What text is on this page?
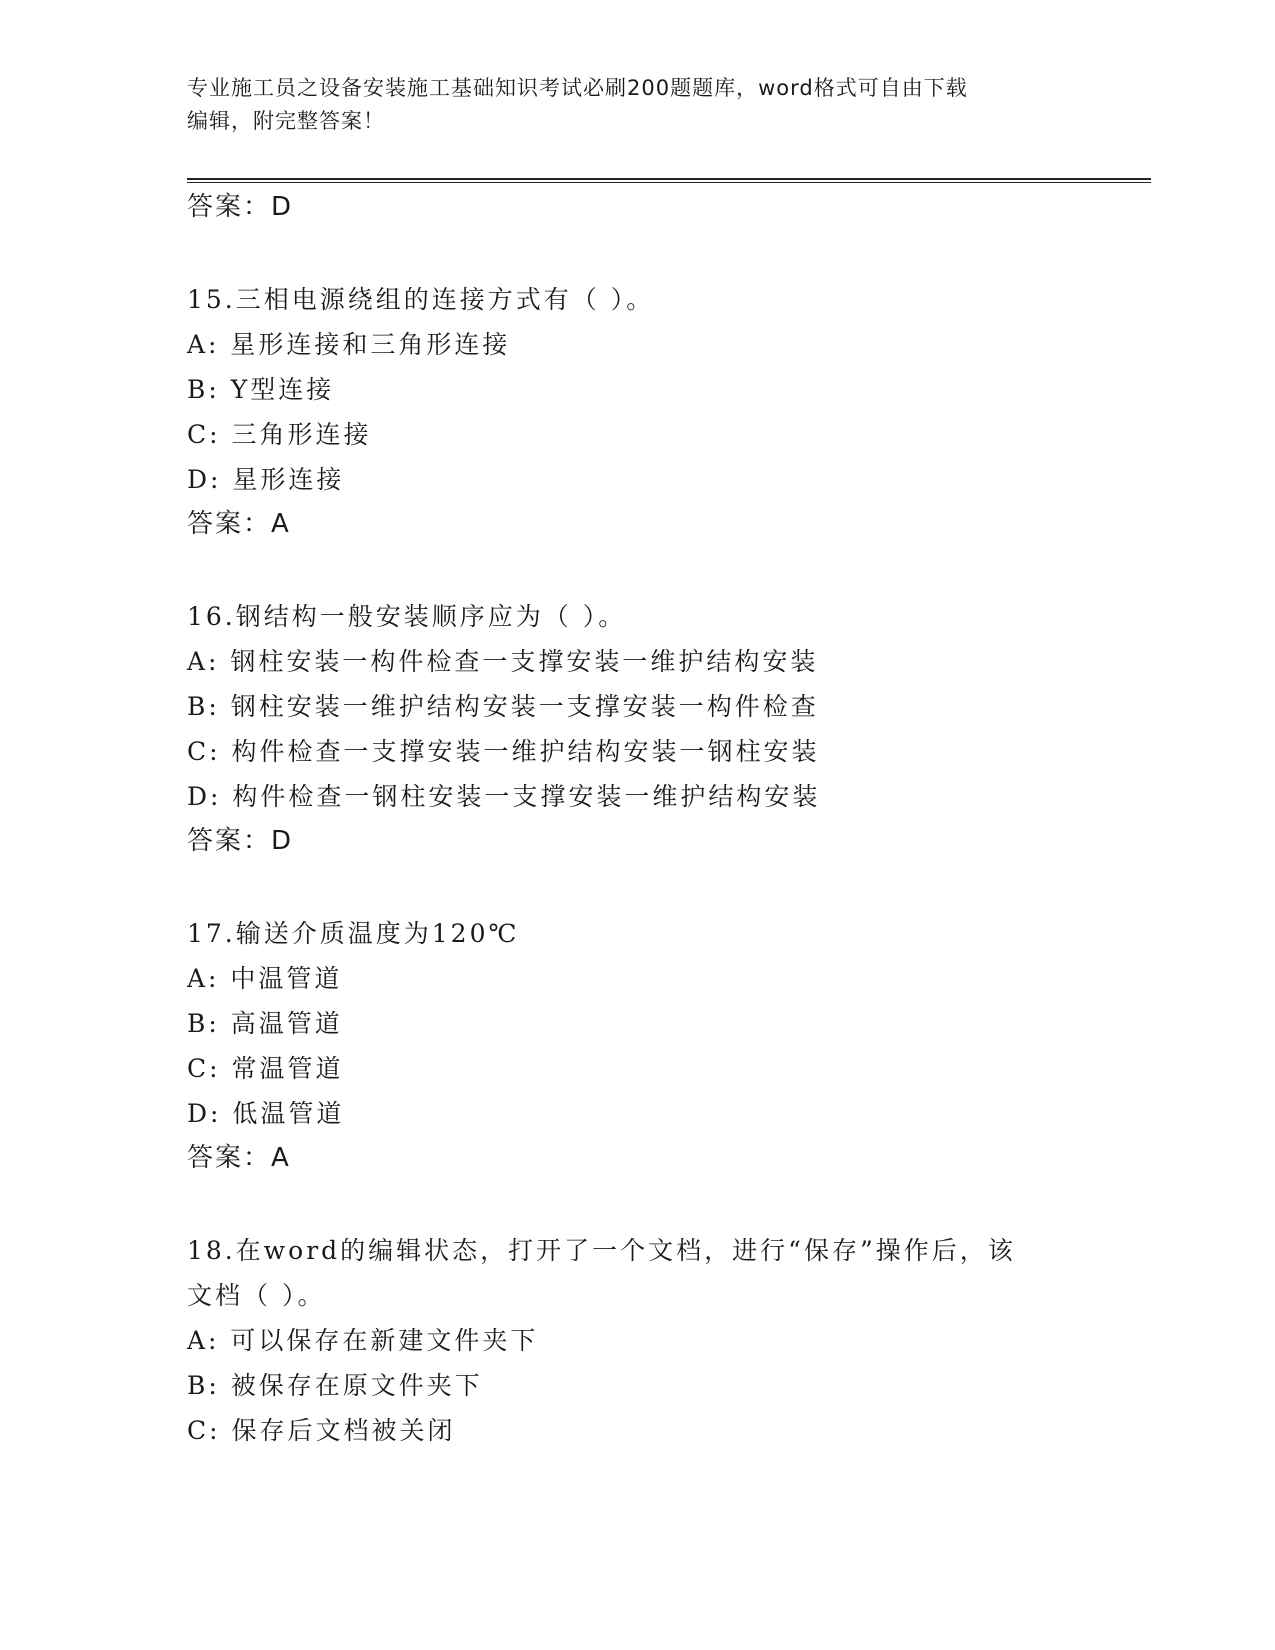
专业施工员之设备安装施工基础知识考试必刷200题题库，word格式可自由下载
编辑，附完整答案！
答案：D
15.三相电源绕组的连接方式有（ ）。
A: 星形连接和三角形连接
B: Y型连接
C: 三角形连接
D: 星形连接
答案：A
16.钢结构一般安装顺序应为（ ）。
A: 钢柱安装一构件检查一支撑安装一维护结构安装
B: 钢柱安装一维护结构安装一支撑安装一构件检查
C: 构件检查一支撑安装一维护结构安装一钢柱安装
D: 构件检查一钢柱安装一支撑安装一维护结构安装
答案：D
17.输送介质温度为120℃
A: 中温管道
B: 高温管道
C: 常温管道
D: 低温管道
答案：A
18.在word的编辑状态，打开了一个文档，进行“保存”操作后，该
文档（ ）。
A: 可以保存在新建文件夹下
B: 被保存在原文件夹下
C: 保存后文档被关闭
